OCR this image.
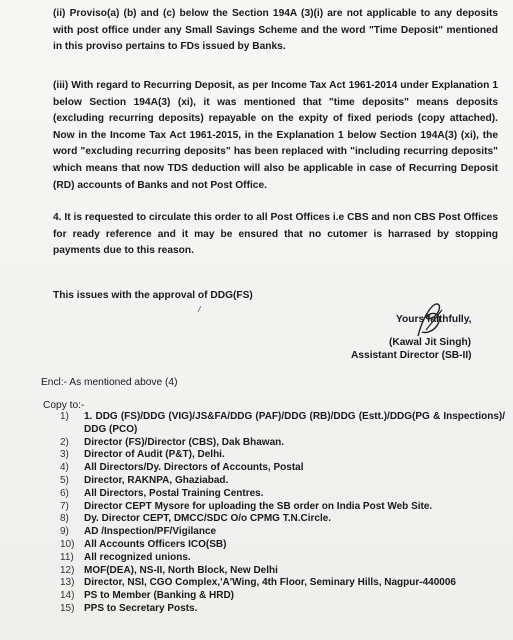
(ii) Proviso(a) (b) and (c) below the Section 194A (3)(i) are not applicable to any deposits with post office under any Small Savings Scheme and the word "Time Deposit" mentioned in this proviso pertains to FDs issued by Banks.
(iii) With regard to Recurring Deposit, as per Income Tax Act 1961-2014 under Explanation 1 below Section 194A(3) (xi), it was mentioned that "time deposits" means deposits (excluding recurring deposits) repayable on the expity of fixed periods (copy attached). Now in the Income Tax Act 1961-2015, in the Explanation 1 below Section 194A(3) (xi), the word "excluding recurring deposits" has been replaced with "including recurring deposits" which means that now TDS deduction will also be applicable in case of Recurring Deposit (RD) accounts of Banks and not Post Office.
4. It is requested to circulate this order to all Post Offices i.e CBS and non CBS Post Offices for ready reference and it may be ensured that no cutomer is harrased by stopping payments due to this reason.
This issues with the approval of DDG(FS)
Yours faithfully,
(Kawal Jit Singh)
Assistant Director (SB-II)
Encl:- As mentioned above (4)
Copy to:-
1) 1. DDG (FS)/DDG (VIG)/JS&FA/DDG (PAF)/DDG (RB)/DDG (Estt.)/DDG(PG & Inspections)/ DDG (PCO)
2) Director (FS)/Director (CBS), Dak Bhawan.
3) Director of Audit (P&T), Delhi.
4) All Directors/Dy. Directors of Accounts, Postal
5) Director, RAKNPA, Ghaziabad.
6) All Directors, Postal Training Centres.
7) Director CEPT Mysore for uploading the SB order on India Post Web Site.
8) Dy. Director CEPT, DMCC/SDC O/o CPMG T.N.Circle.
9) AD /Inspection/PF/Vigilance
10) All Accounts Officers ICO(SB)
11) All recognized unions.
12) MOF(DEA), NS-II, North Block, New Delhi
13) Director, NSI, CGO Complex,'A'Wing, 4th Floor, Seminary Hills, Nagpur-440006
14) PS to Member (Banking & HRD)
15) PPS to Secretary Posts.
